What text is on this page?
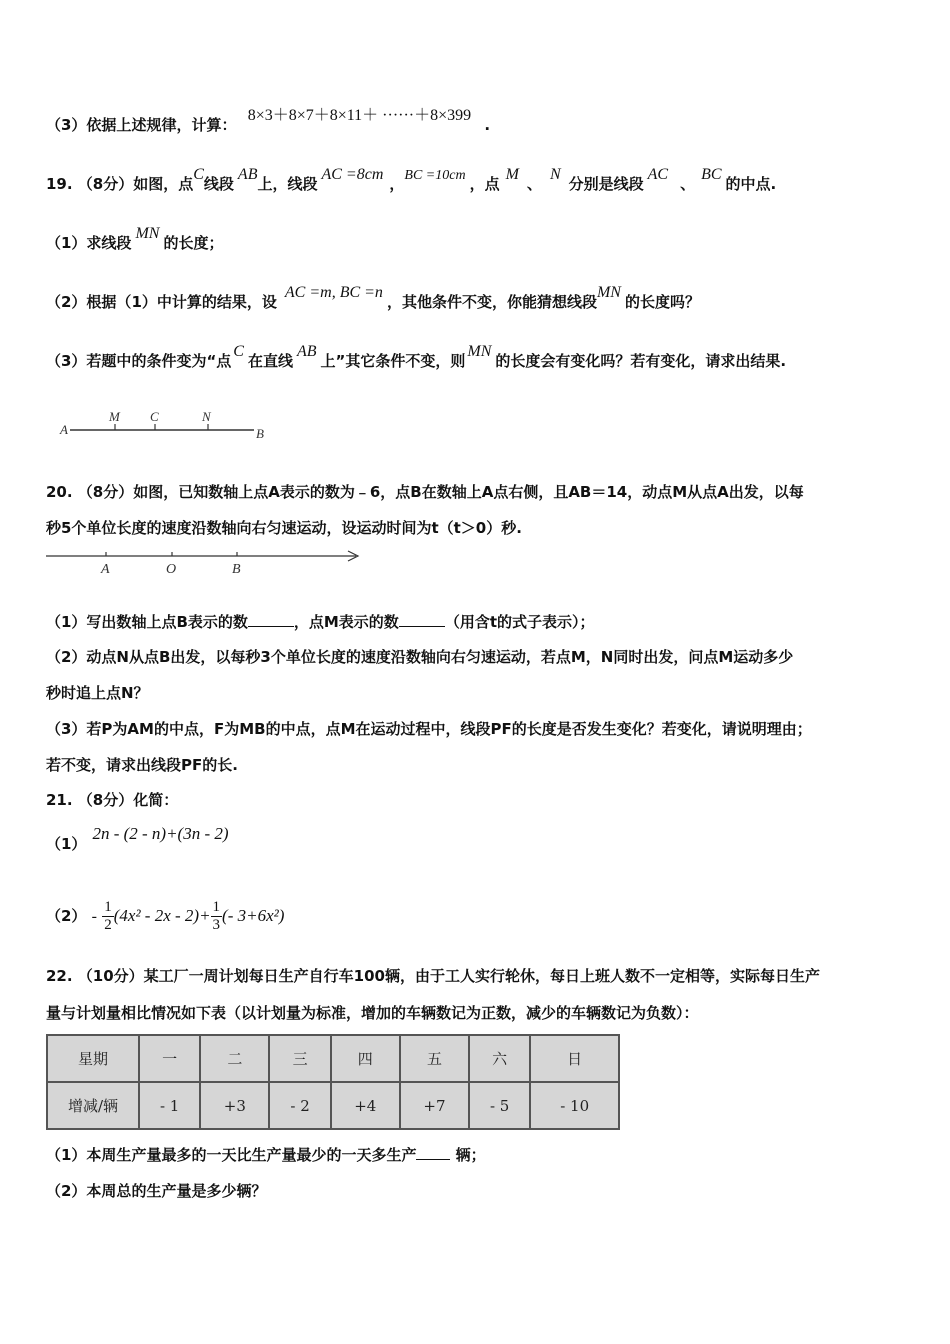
（3）依据上述规律，计算： 8×3＋8×7＋8×11＋ ······＋8×399 .
19. （8分）如图，点C线段AB上，线段AC =8cm，BC =10cm ，点M、N分别是线段AC、BC的中点.
（1）求线段MN的长度；
（2）根据（1）中计算的结果，设AC =m, BC =n，其他条件不变，你能猜想线段MN的长度吗？
（3）若题中的条件变为“点C在直线AB上”其它条件不变，则MN的长度会有变化吗？若有变化，请求出结果.
A
M C	N
B
20. （8分）如图，已知数轴上点A表示的数为﹣6，点B在数轴上A点右侧，且AB＝14，动点M从点A出发，以每
秒5个单位长度的速度沿数轴向右匀速运动，设运动时间为t（t＞0）秒.
A	O	B
（1）写出数轴上点B表示的数	，点M表示的数	（用含t的式子表示）；
（2）动点N从点B出发，以每秒3个单位长度的速度沿数轴向右匀速运动，若点M，N同时出发，问点M运动多少
秒时追上点N？
（3）若P为AM的中点，F为MB的中点，点M在运动过程中，线段PF的长度是否发生变化？若变化，请说明理由；
若不变，请求出线段PF的长.
21. （8分）化简：
（1）2n - (2 - n)+(3n - 2)
$(2) - \frac{1}{2} (4x^2 - 2x - 2)+ \frac{1}{3}$ (- 3+6x²)
22. （10分）某工厂一周计划每日生产自行车100辆，由于工人实行轮休，每日上班人数不一定相等，实际每日生产
量与计划量相比情况如下表（以计划量为标准，增加的车辆数记为正数，减少的车辆数记为负数）：
星期	一	二	三	四	五	六	日
增减/辆	- 1	+3	- 2	+4	+7	- 5	- 10
（1）本周生产量最多的一天比生产量最少的一天多生产 辆；
（2）本周总的生产量是多少辆？
